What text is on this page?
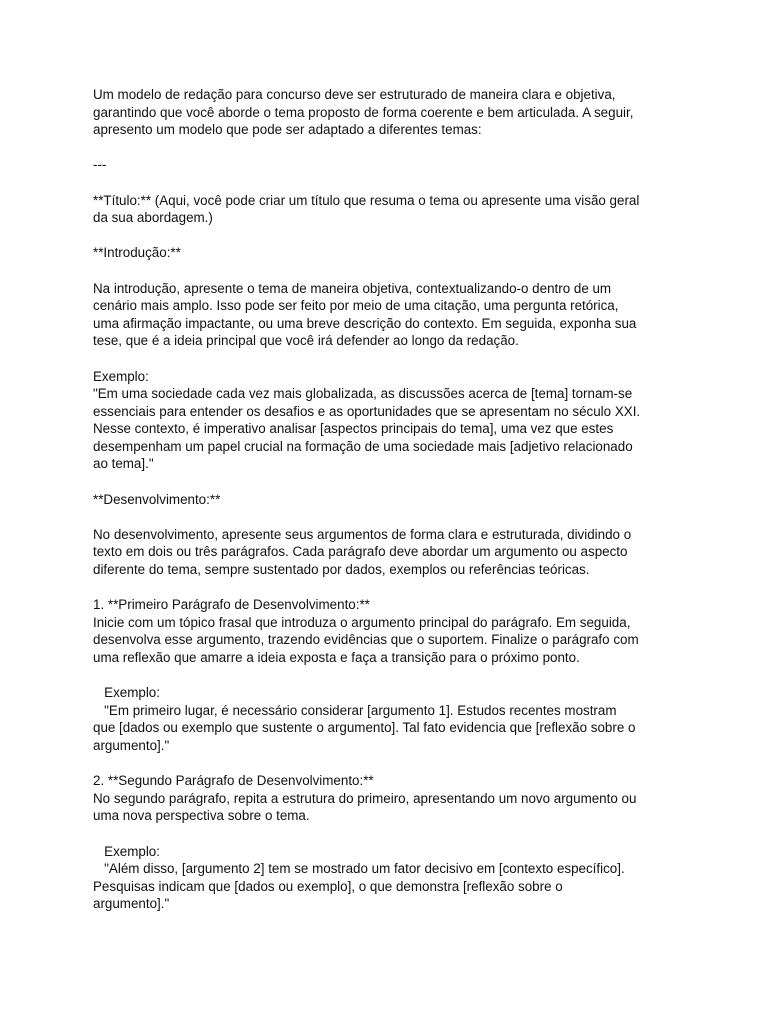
Um modelo de redação para concurso deve ser estruturado de maneira clara e objetiva,
garantindo que você aborde o tema proposto de forma coerente e bem articulada. A seguir,
apresento um modelo que pode ser adaptado a diferentes temas:
---
**Título:** (Aqui, você pode criar um título que resuma o tema ou apresente uma visão geral
da sua abordagem.)
**Introdução:**
Na introdução, apresente o tema de maneira objetiva, contextualizando-o dentro de um
cenário mais amplo. Isso pode ser feito por meio de uma citação, uma pergunta retórica,
uma afirmação impactante, ou uma breve descrição do contexto. Em seguida, exponha sua
tese, que é a ideia principal que você irá defender ao longo da redação.
Exemplo:
"Em uma sociedade cada vez mais globalizada, as discussões acerca de [tema] tornam-se
essenciais para entender os desafios e as oportunidades que se apresentam no século XXI.
Nesse contexto, é imperativo analisar [aspectos principais do tema], uma vez que estes
desempenham um papel crucial na formação de uma sociedade mais [adjetivo relacionado
ao tema]."
**Desenvolvimento:**
No desenvolvimento, apresente seus argumentos de forma clara e estruturada, dividindo o
texto em dois ou três parágrafos. Cada parágrafo deve abordar um argumento ou aspecto
diferente do tema, sempre sustentado por dados, exemplos ou referências teóricas.
1. **Primeiro Parágrafo de Desenvolvimento:**
Inicie com um tópico frasal que introduza o argumento principal do parágrafo. Em seguida,
desenvolva esse argumento, trazendo evidências que o suportem. Finalize o parágrafo com
uma reflexão que amarre a ideia exposta e faça a transição para o próximo ponto.
Exemplo:
"Em primeiro lugar, é necessário considerar [argumento 1]. Estudos recentes mostram
que [dados ou exemplo que sustente o argumento]. Tal fato evidencia que [reflexão sobre o
argumento]."
2. **Segundo Parágrafo de Desenvolvimento:**
No segundo parágrafo, repita a estrutura do primeiro, apresentando um novo argumento ou
uma nova perspectiva sobre o tema.
Exemplo:
"Além disso, [argumento 2] tem se mostrado um fator decisivo em [contexto específico].
Pesquisas indicam que [dados ou exemplo], o que demonstra [reflexão sobre o
argumento]."
